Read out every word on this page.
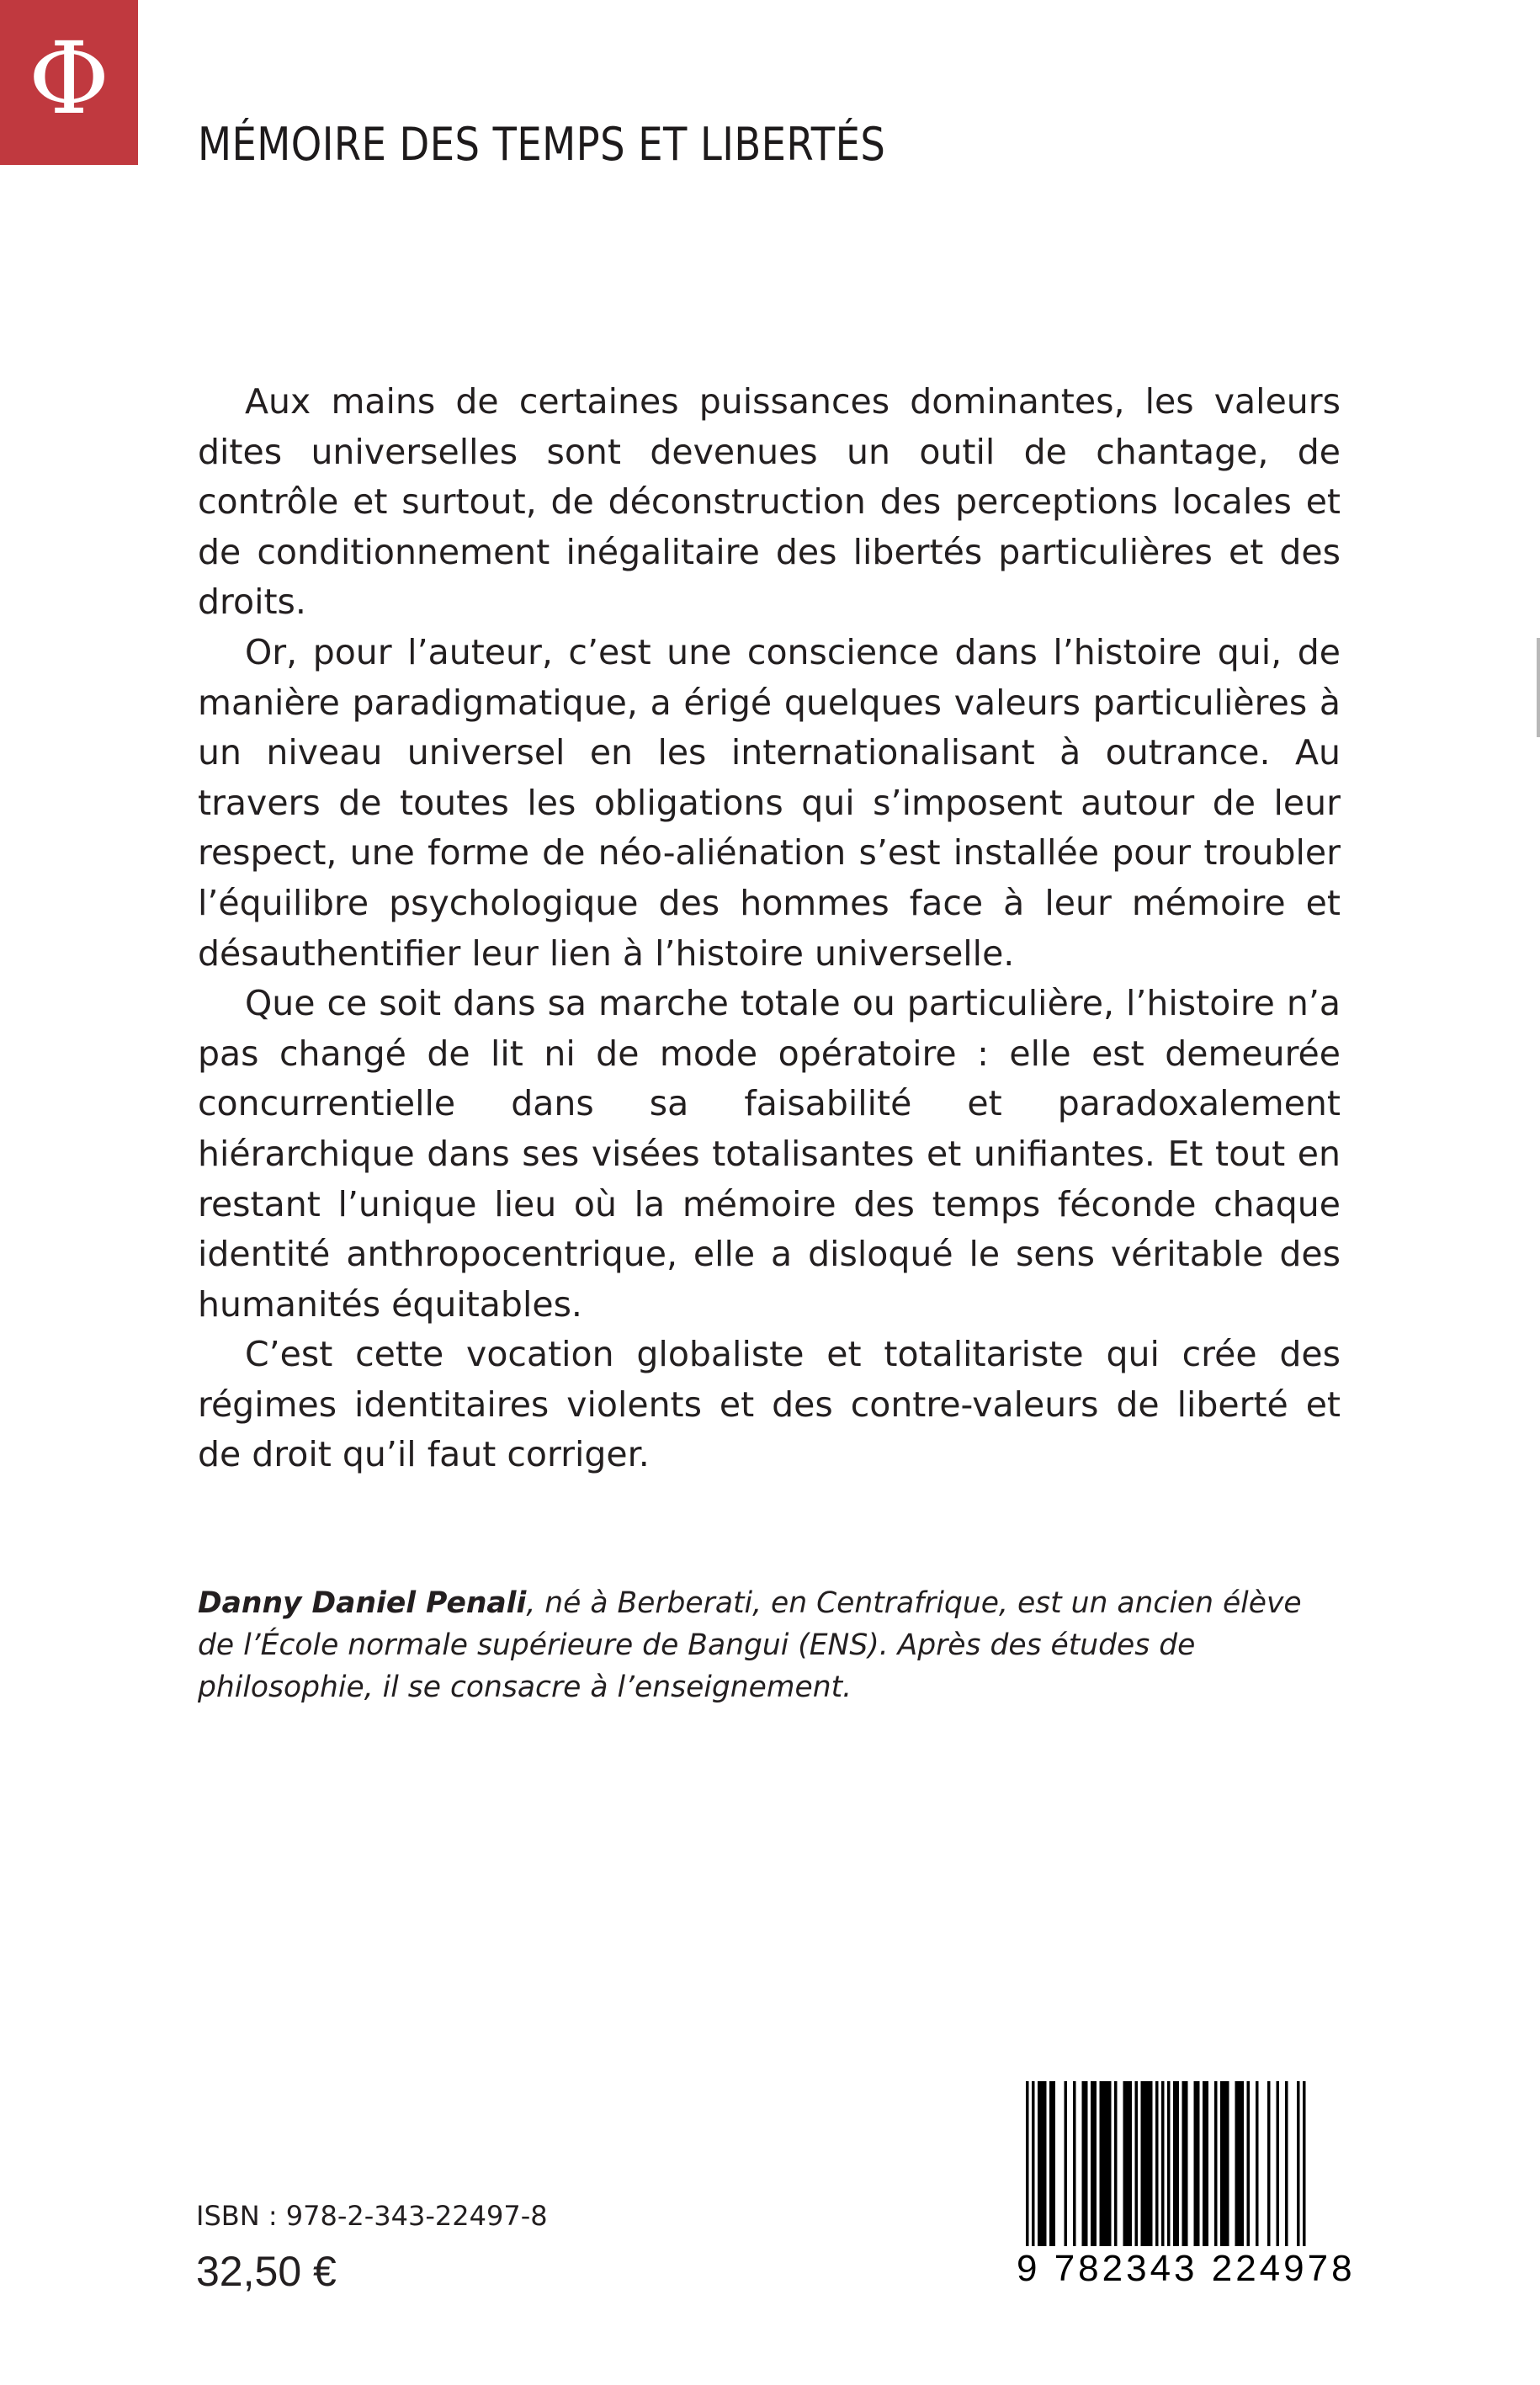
Φ
MÉMOIRE DES TEMPS ET LIBERTÉS

Aux mains de certaines puissances dominantes, les valeurs dites universelles sont devenues un outil de chantage, de contrôle et surtout, de déconstruction des perceptions locales et de conditionnement inégalitaire des libertés particulières et des droits.

Or, pour l’auteur, c’est une conscience dans l’histoire qui, de manière paradigmatique, a érigé quelques valeurs particulières à un niveau universel en les internationalisant à outrance. Au travers de toutes les obligations qui s’imposent autour de leur respect, une forme de néo-aliénation s’est installée pour troubler l’équilibre psychologique des hommes face à leur mémoire et désauthentifier leur lien à l’histoire universelle.

Que ce soit dans sa marche totale ou particulière, l’histoire n’a pas changé de lit ni de mode opératoire : elle est demeurée concurrentielle dans sa faisabilité et paradoxalement hiérarchique dans ses visées totalisantes et unifiantes. Et tout en restant l’unique lieu où la mémoire des temps féconde chaque identité anthropocentrique, elle a disloqué le sens véritable des humanités équitables.

C’est cette vocation globaliste et totalitariste qui crée des régimes identitaires violents et des contre-valeurs de liberté et de droit qu’il faut corriger.

Danny Daniel Penali, né à Berberati, en Centrafrique, est un ancien élève de l’École normale supérieure de Bangui (ENS). Après des études de philosophie, il se consacre à l’enseignement.
ISBN : 978-2-343-22497-8
32,50 €	9 782343 224978
